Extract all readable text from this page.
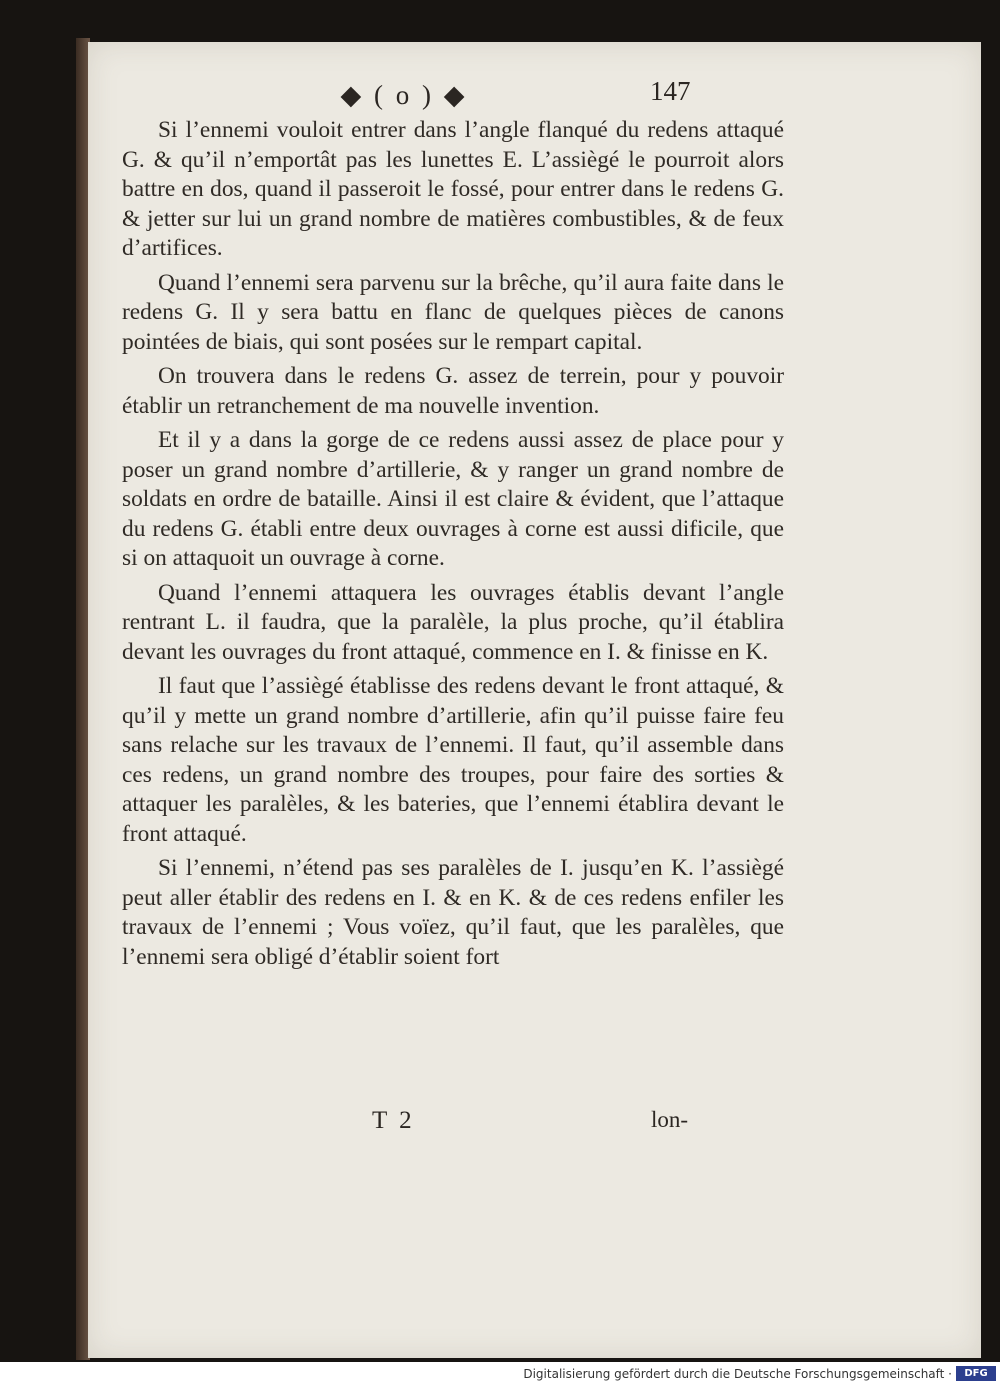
◆ ( o ) ◆	147

Si l’ennemi vouloit entrer dans l’angle flanqué du redens attaqué G. & qu’il n’emportât pas les lunettes E. L’assiègé le pourroit alors battre en dos, quand il passeroit le fossé, pour entrer dans le redens G. & jetter sur lui un grand nombre de matières combustibles, & de feux d’artifices.

Quand l’ennemi sera parvenu sur la brêche, qu’il aura faite dans le redens G. Il y sera battu en flanc de quelques pièces de canons pointées de biais, qui sont posées sur le rempart capital.

On trouvera dans le redens G. assez de terrein, pour y pouvoir établir un retranchement de ma nouvelle invention.

Et il y a dans la gorge de ce redens aussi assez de place pour y poser un grand nombre d’artillerie, & y ranger un grand nombre de soldats en ordre de bataille. Ainsi il est claire & évident, que l’attaque du redens G. établi entre deux ouvrages à corne est aussi dificile, que si on attaquoit un ouvrage à corne.

Quand l’ennemi attaquera les ouvrages établis devant l’angle rentrant L. il faudra, que la paralèle, la plus proche, qu’il établira devant les ouvrages du front attaqué, commence en I. & finisse en K.

Il faut que l’assiègé établisse des redens devant le front attaqué, & qu’il y mette un grand nombre d’artillerie, afin qu’il puisse faire feu sans relache sur les travaux de l’ennemi. Il faut, qu’il assemble dans ces redens, un grand nombre des troupes, pour faire des sorties & attaquer les paralèles, & les bateries, que l’ennemi établira devant le front attaqué.

Si l’ennemi, n’étend pas ses paralèles de I. jusqu’en K. l’assiègé peut aller établir des redens en I. & en K. & de ces redens enfiler les travaux de l’ennemi ; Vous voïez, qu’il faut, que les paralèles, que l’ennemi sera obligé d’établir soient fort

T 2	lon-
Digitalisierung gefördert durch die Deutsche Forschungsgemeinschaft ·	DFG
